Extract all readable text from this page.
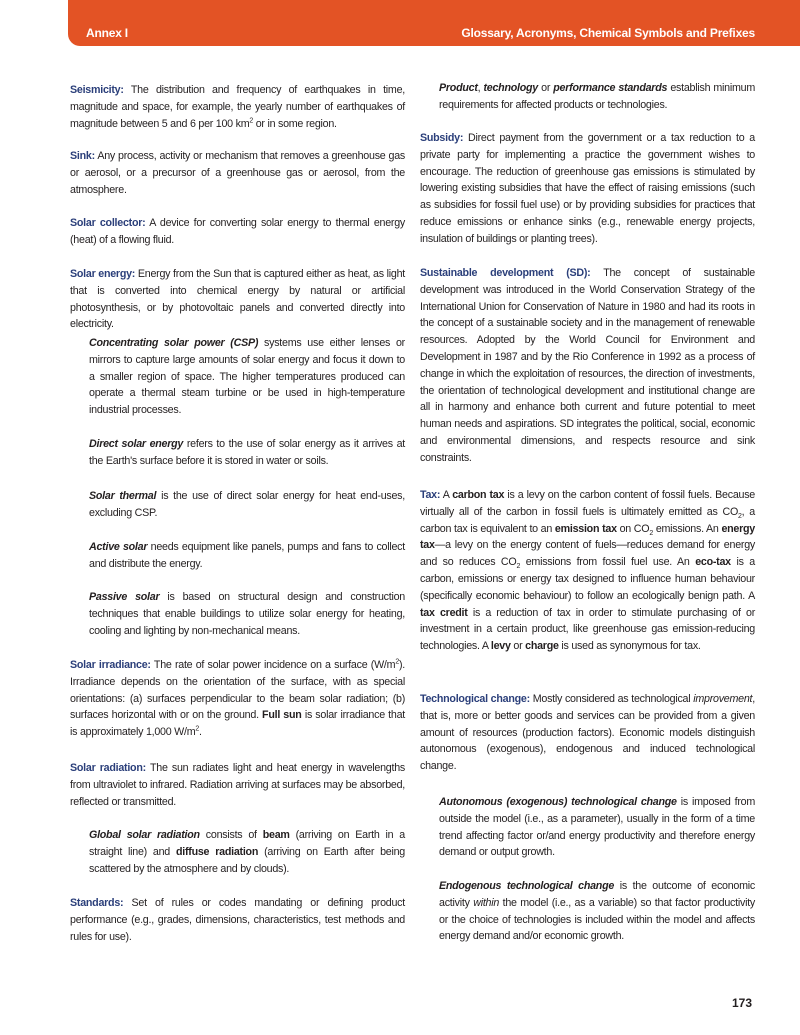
Annex I	Glossary, Acronyms, Chemical Symbols and Prefixes

Seismicity: The distribution and frequency of earthquakes in time, magnitude and space, for example, the yearly number of earthquakes of magnitude between 5 and 6 per 100 $km^2$ or in some region.

Sink: Any process, activity or mechanism that removes a greenhouse gas or aerosol, or a precursor of a greenhouse gas or aerosol, from the atmosphere.

Solar collector: A device for converting solar energy to thermal energy (heat) of a flowing fluid.

Solar energy: Energy from the Sun that is captured either as heat, as light that is converted into chemical energy by natural or artificial photosynthesis, or by photovoltaic panels and converted directly into electricity.

Concentrating solar power (CSP) systems use either lenses or mirrors to capture large amounts of solar energy and focus it down to a smaller region of space. The higher temperatures produced can operate a thermal steam turbine or be used in high-temperature industrial processes.

Direct solar energy refers to the use of solar energy as it arrives at the Earth's surface before it is stored in water or soils.

Solar thermal is the use of direct solar energy for heat end-uses, excluding CSP.

Active solar needs equipment like panels, pumps and fans to collect and distribute the energy.

Passive solar is based on structural design and construction techniques that enable buildings to utilize solar energy for heating, cooling and lighting by non-mechanical means.

Solar irradiance: The rate of solar power incidence on a surface $(W/m^2)$. Irradiance depends on the orientation of the surface, with as special orientations: (a) surfaces perpendicular to the beam solar radiation; (b) surfaces horizontal with or on the ground. Full sun is solar irradiance that is approximately 1,000 $W/m^2$.

Solar radiation: The sun radiates light and heat energy in wavelengths from ultraviolet to infrared. Radiation arriving at surfaces may be absorbed, reflected or transmitted.

Global solar radiation consists of beam (arriving on Earth in a straight line) and diffuse radiation (arriving on Earth after being scattered by the atmosphere and by clouds).

Standards: Set of rules or codes mandating or defining product performance (e.g., grades, dimensions, characteristics, test methods and rules for use).

Product, technology or performance standards establish minimum requirements for affected products or technologies.

Subsidy: Direct payment from the government or a tax reduction to a private party for implementing a practice the government wishes to encourage. The reduction of greenhouse gas emissions is stimulated by lowering existing subsidies that have the effect of raising emissions (such as subsidies for fossil fuel use) or by providing subsidies for practices that reduce emissions or enhance sinks (e.g., renewable energy projects, insulation of buildings or planting trees).

Sustainable development (SD): The concept of sustainable development was introduced in the World Conservation Strategy of the International Union for Conservation of Nature in 1980 and had its roots in the concept of a sustainable society and in the management of renewable resources. Adopted by the World Council for Environment and Development in 1987 and by the Rio Conference in 1992 as a process of change in which the exploitation of resources, the direction of investments, the orientation of technological development and institutional change are all in harmony and enhance both current and future potential to meet human needs and aspirations. SD integrates the political, social, economic and environmental dimensions, and respects resource and sink constraints.

Tax: A carbon tax is a levy on the carbon content of fossil fuels. Because virtually all of the carbon in fossil fuels is ultimately emitted as $CO_2$, a carbon tax is equivalent to an emission tax on $CO_2$ emissions. An energy tax—a levy on the energy content of fuels—reduces demand for energy and so reduces $CO_2$ emissions from fossil fuel use. An eco-tax is a carbon, emissions or energy tax designed to influence human behaviour (specifically economic behaviour) to follow an ecologically benign path. A tax credit is a reduction of tax in order to stimulate purchasing of or investment in a certain product, like greenhouse gas emission-reducing technologies. A levy or charge is used as synonymous for tax.

Technological change: Mostly considered as technological improvement, that is, more or better goods and services can be provided from a given amount of resources (production factors). Economic models distinguish autonomous (exogenous), endogenous and induced technological change.

Autonomous (exogenous) technological change is imposed from outside the model (i.e., as a parameter), usually in the form of a time trend affecting factor or/and energy productivity and therefore energy demand or output growth.

Endogenous technological change is the outcome of economic activity within the model (i.e., as a variable) so that factor productivity or the choice of technologies is included within the model and affects energy demand and/or economic growth.

173
